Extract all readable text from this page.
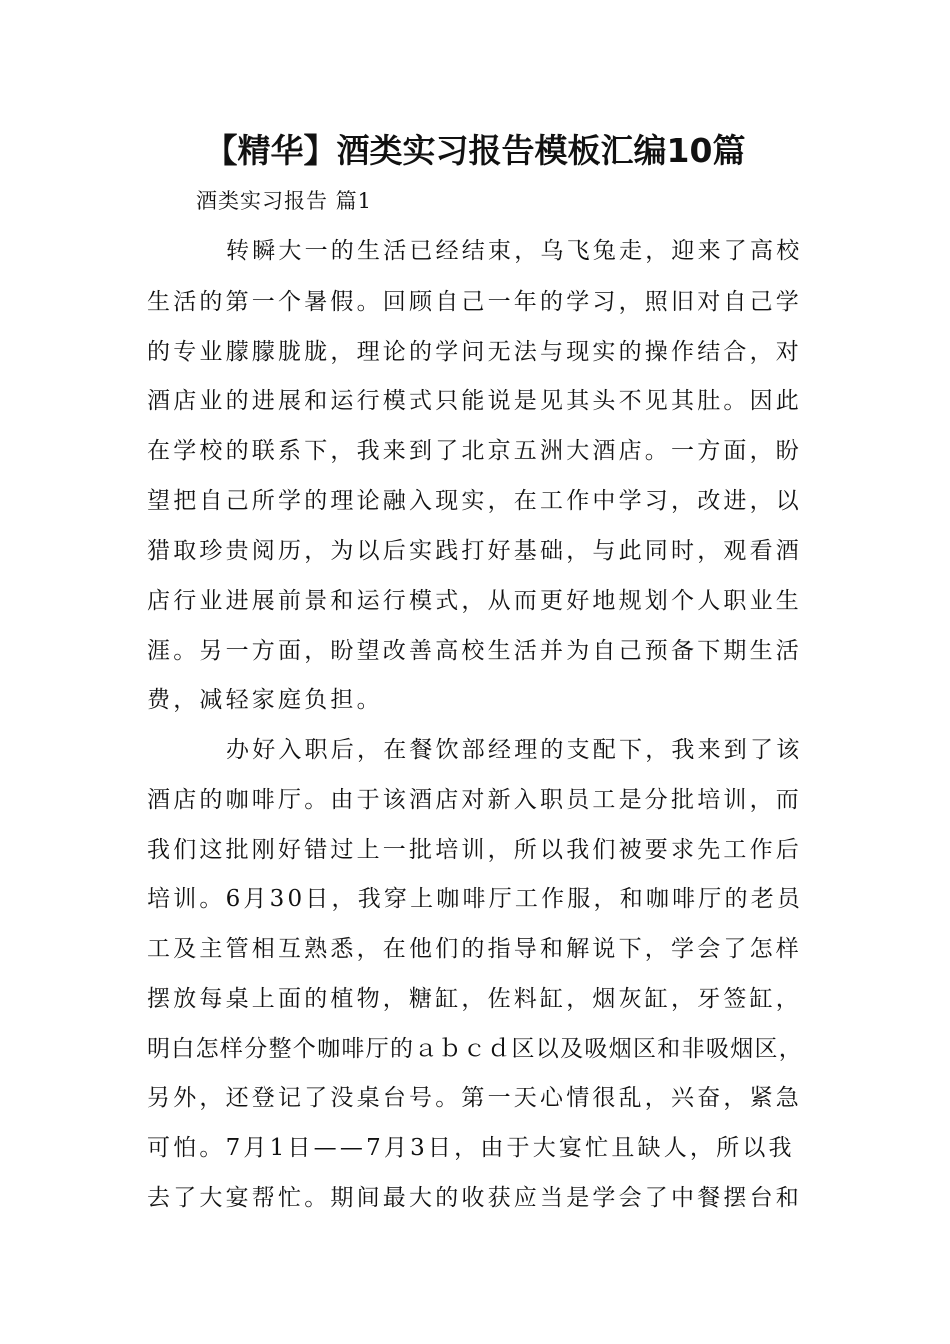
【精华】酒类实习报告模板汇编10篇
酒类实习报告 篇1
转瞬大一的生活已经结束，乌飞兔走，迎来了高校
生活的第一个暑假。回顾自己一年的学习，照旧对自己学
的专业朦朦胧胧，理论的学问无法与现实的操作结合，对
酒店业的进展和运行模式只能说是见其头不见其肚。因此
在学校的联系下，我来到了北京五洲大酒店。一方面，盼
望把自己所学的理论融入现实，在工作中学习，改进，以
猎取珍贵阅历，为以后实践打好基础，与此同时，观看酒
店行业进展前景和运行模式，从而更好地规划个人职业生
涯。另一方面，盼望改善高校生活并为自己预备下期生活
费，减轻家庭负担。
办好入职后，在餐饮部经理的支配下，我来到了该
酒店的咖啡厅。由于该酒店对新入职员工是分批培训，而
我们这批刚好错过上一批培训，所以我们被要求先工作后
培训。6月30日，我穿上咖啡厅工作服，和咖啡厅的老员
工及主管相互熟悉，在他们的指导和解说下，学会了怎样
摆放每桌上面的植物，糖缸，佐料缸，烟灰缸，牙签缸，
明白怎样分整个咖啡厅的ａｂｃｄ区以及吸烟区和非吸烟区，
另外，还登记了没桌台号。第一天心情很乱，兴奋，紧急
可怕。7月1日——7月3日，由于大宴忙且缺人，所以我
去了大宴帮忙。期间最大的收获应当是学会了中餐摆台和
